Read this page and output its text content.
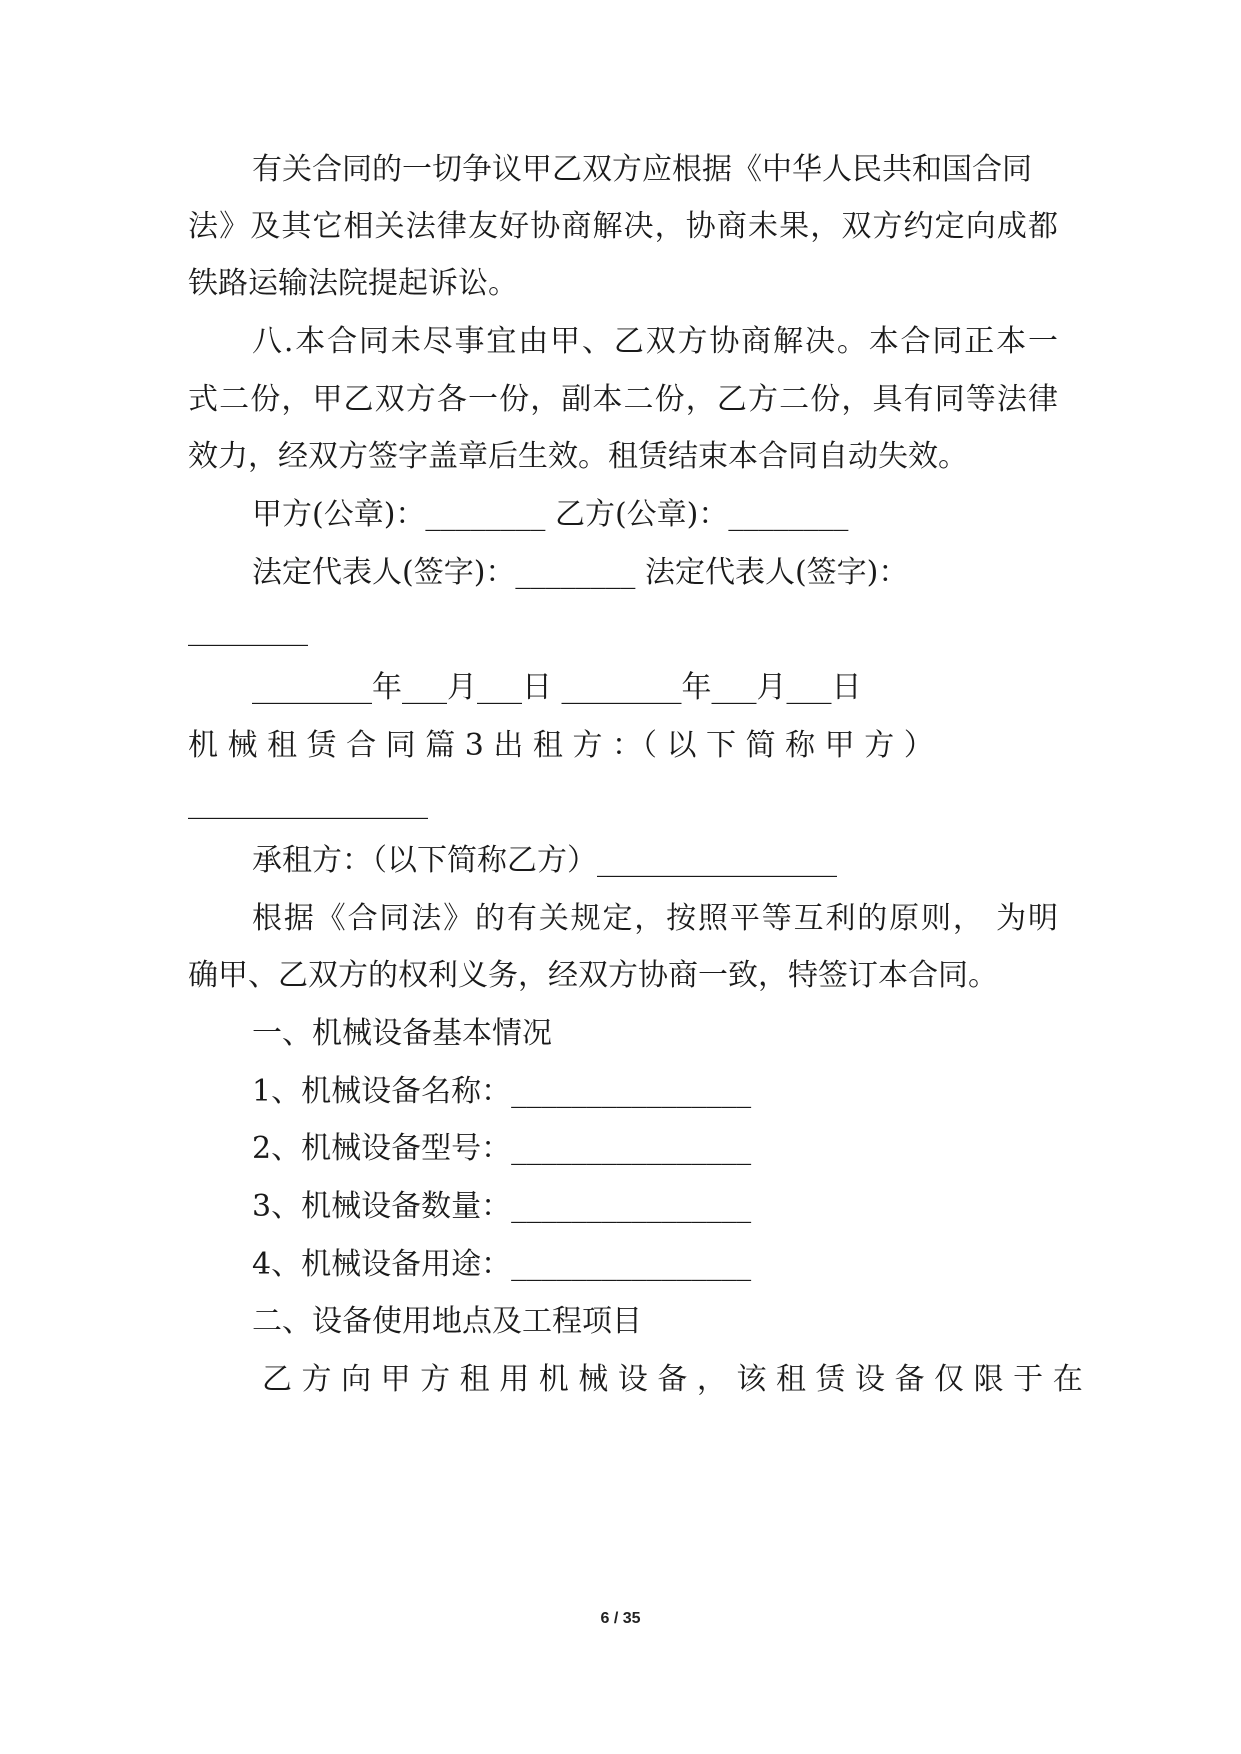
有关合同的一切争议甲乙双方应根据《中华人民共和国合同
法》及其它相关法律友好协商解决，协商未果，双方约定向成都
铁路运输法院提起诉讼。
八.本合同未尽事宜由甲、乙双方协商解决。本合同正本一
式二份，甲乙双方各一份，副本二份，乙方二份，具有同等法律
效力，经双方签字盖章后生效。租赁结束本合同自动失效。
甲方(公章)：________ 乙方(公章)：________
法定代表人(签字)：________ 法定代表人(签字)：
________
________年___月___日 ________年___月___日
机 械 租 赁 合 同 篇 3 出 租 方 ：（ 以 下 简 称 甲 方 ）
________________
承租方：（以下简称乙方）________________
根据《合同法》的有关规定，按照平等互利的原则， 为明
确甲、乙双方的权利义务，经双方协商一致，特签订本合同。
一、机械设备基本情况
1、机械设备名称：________________
2、机械设备型号：________________
3、机械设备数量：________________
4、机械设备用途：________________
二、设备使用地点及工程项目
乙 方 向 甲 方 租 用 机 械 设 备 ， 该 租 赁 设 备 仅 限 于 在
6 / 35
